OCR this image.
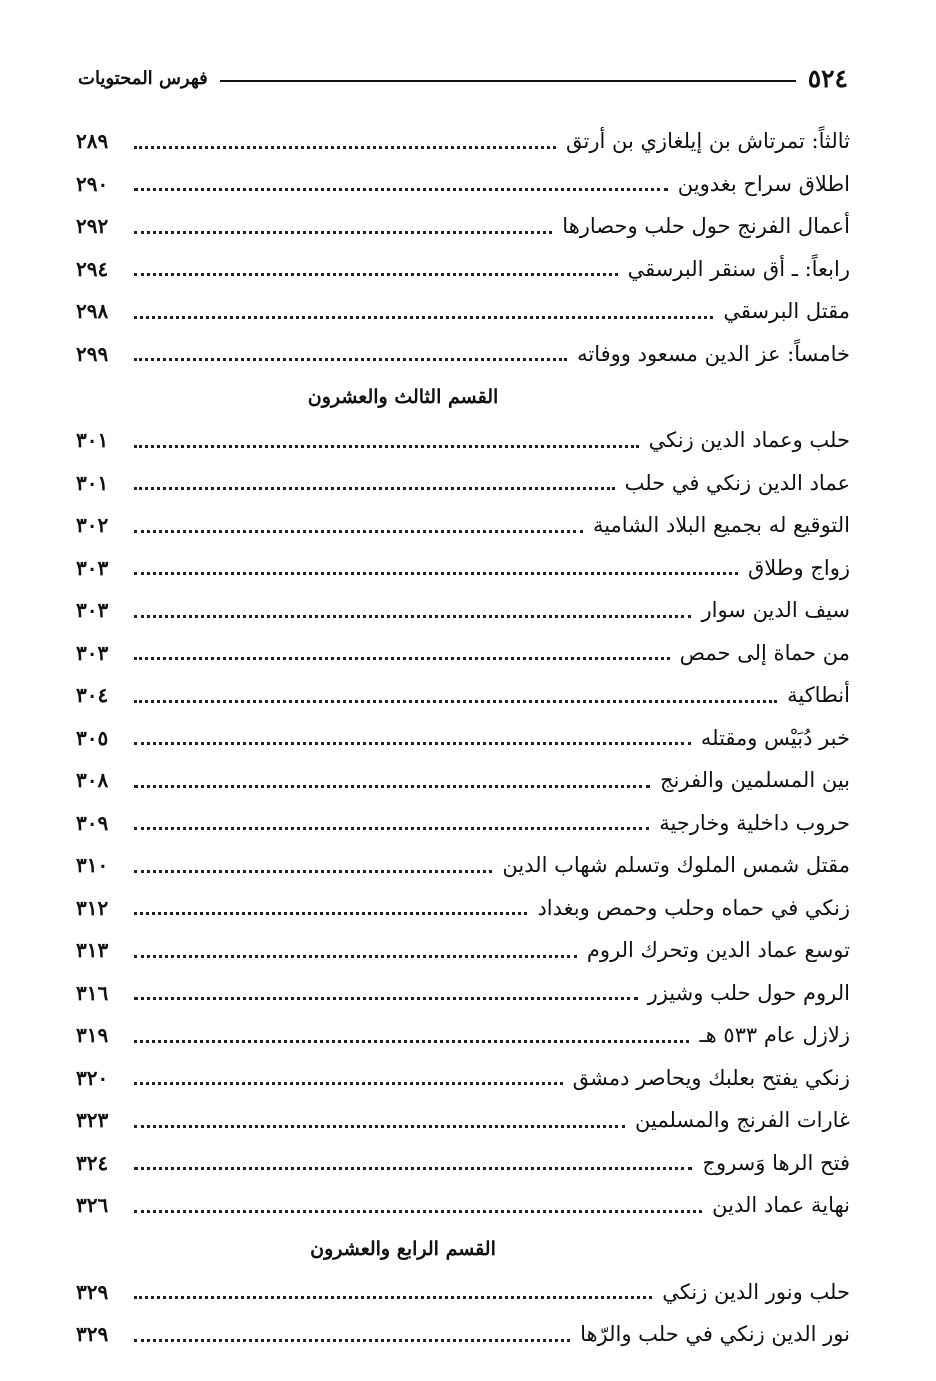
٥٢٤
فهرس المحتويات
ثالثاً: تمرتاش بن إيلغازي بن أرتق
٢٨٩
اطلاق سراح بغدوين
٢٩٠
أعمال الفرنج حول حلب وحصارها
٢٩٢
رابعاً: ـ أق سنقر البرسقي
٢٩٤
مقتل البرسقي
٢٩٨
خامساً: عز الدين مسعود ووفاته
٢٩٩
القسم الثالث والعشرون
حلب وعماد الدين زنكي
٣٠١
عماد الدين زنكي في حلب
٣٠١
التوقيع له بجميع البلاد الشامية
٣٠٢
زواج وطلاق
٣٠٣
سيف الدين سوار
٣٠٣
من حماة إلى حمص
٣٠٣
أنطاكية
٣٠٤
خبر دُبَيْس ومقتله
٣٠٥
بين المسلمين والفرنج
٣٠٨
حروب داخلية وخارجية
٣٠٩
مقتل شمس الملوك وتسلم شهاب الدين
٣١٠
زنكي في حماه وحلب وحمص وبغداد
٣١٢
توسع عماد الدين وتحرك الروم
٣١٣
الروم حول حلب وشيزر
٣١٦
زلازل عام ٥٣٣ هـ
٣١٩
زنكي يفتح بعلبك ويحاصر دمشق
٣٢٠
غارات الفرنج والمسلمين
٣٢٣
فتح الرها وَسروج
٣٢٤
نهاية عماد الدين
٣٢٦
القسم الرابع والعشرون
حلب ونور الدين زنكي
٣٢٩
نور الدين زنكي في حلب والرّها
٣٢٩
